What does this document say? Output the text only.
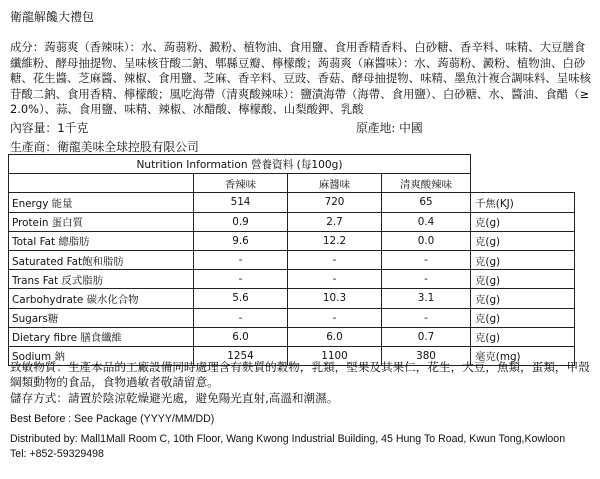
衛龍解饞大禮包
成分：蒟蒻爽（香辣味）：水、蒟蒻粉、澱粉、植物油、食用鹽、食用香精香料、白砂糖、香辛料、味精、大豆膳食纖維粉、酵母抽提物、呈味核苷酸二鈉、郫縣豆瓣、檸檬酸；蒟蒻爽（麻醬味）：水、蒟蒻粉、澱粉、植物油、白砂糖、花生醬、芝麻醬、辣椒、食用鹽、芝麻、香辛料、豆豉、香菇、酵母抽提物、味精、墨魚汁複合調味料、呈味核苷酸二鈉、食用香精、檸檬酸；風吃海帶（清爽酸辣味）：鹽漬海帶（海帶、食用鹽）、白砂糖、水、醬油、食醋（≥2.0%）、蒜、食用鹽、味精、辣椒、冰醋酸、檸檬酸、山梨酸鉀、乳酸
內容量：1千克	原產地: 中國
生產商：衛龍美味全球控股有限公司
Nutrition Information 營養資料 (每100g)				
	香辣味	麻醬味	清爽酸辣味	
Energy 能量	514	720	65	千焦(KJ)
Protein 蛋白質	0.9	2.7	0.4	克(g)
Total Fat 總脂肪	9.6	12.2	0.0	克(g)
Saturated Fat飽和脂肪	-	-	-	克(g)
Trans Fat 反式脂肪	-	-	-	克(g)
Carbohydrate 碳水化合物	5.6	10.3	3.1	克(g)
Sugars糖	-	-	-	克(g)
Dietary fibre 膳食纖維	6.0	6.0	0.7	克(g)
Sodium 鈉	1254	1100	380	毫克(mg)
致敏物質：生產本品的工廠設備同時處理含有麩質的穀物，乳類，堅果及其果仁，花生，大豆，魚類，蛋類，甲殼綱類動物的食品，食物過敏者敬請留意。
儲存方式：請置於陰涼乾燥避光處，避免陽光直射,高溫和潮濕。
Best Before : See Package (YYYY/MM/DD)
Distributed by: Mall1Mall Room C, 10th Floor, Wang Kwong Industrial Building, 45 Hung To Road, Kwun Tong,Kowloon
Tel: +852-59329498
